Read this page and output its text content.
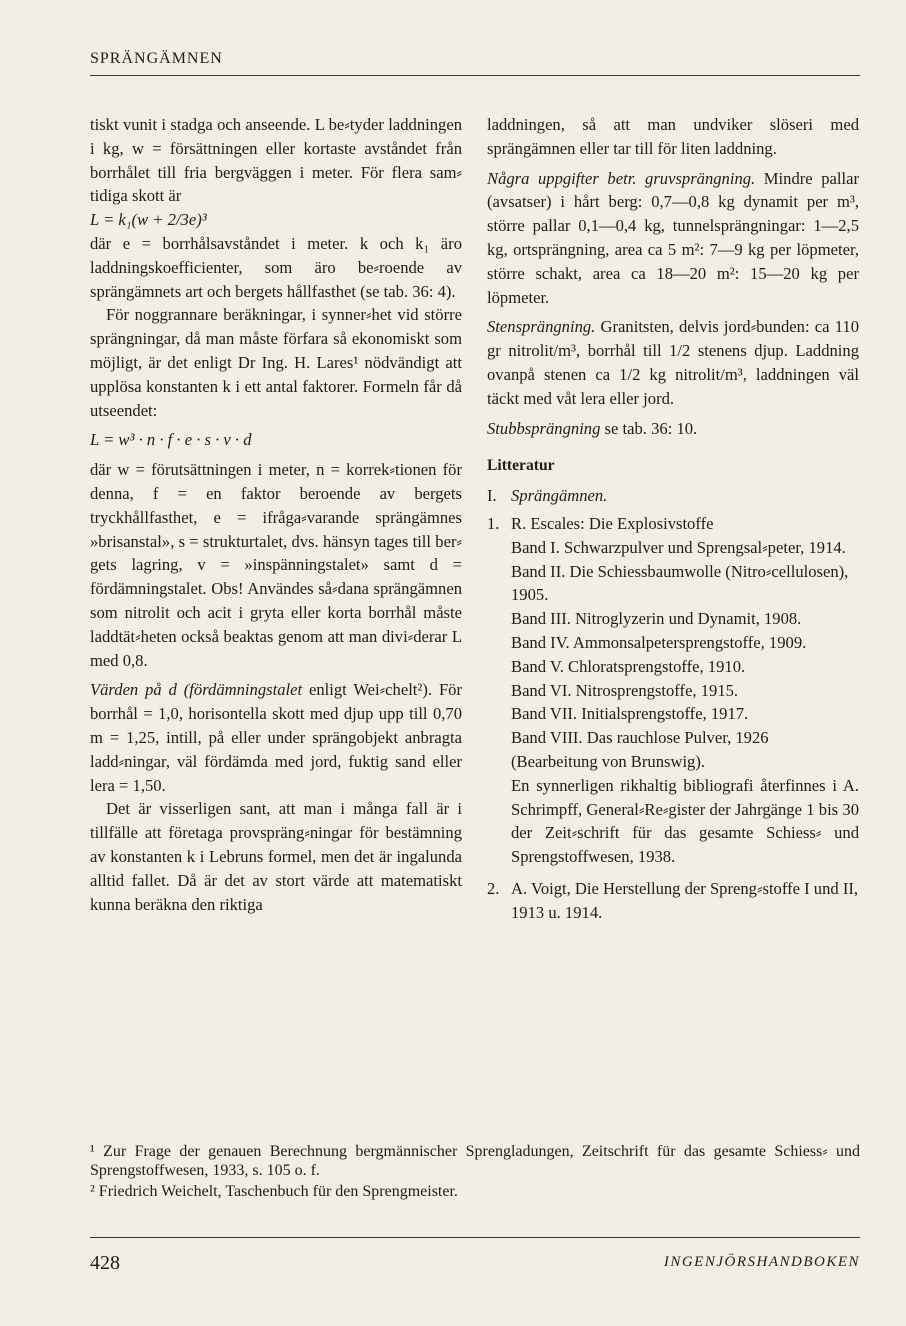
SPRÄNGÄMNEN

tiskt vunit i stadga och anseende. L be⸗tyder laddningen i kg, w = försättningen eller kortaste avståndet från borrhålet till fria bergväggen i meter. För flera sam⸗tidiga skott är

L = k₁(w + 2/3e)³

där e = borrhålsavståndet i meter. k och k₁ äro laddningskoefficienter, som äro be⸗roende av sprängämnets art och bergets hållfasthet (se tab. 36: 4).

För noggrannare beräkningar, i synner⸗het vid större sprängningar, då man måste förfara så ekonomiskt som möjligt, är det enligt Dr Ing. H. Lares¹ nödvändigt att upplösa konstanten k i ett antal faktorer. Formeln får då utseendet:

L = w³ · n · f · e · s · v · d

där w = förutsättningen i meter, n = korrek⸗tionen för denna, f = en faktor beroende av bergets tryckhållfasthet, e = ifråga⸗varande sprängämnes »brisanstal», s = strukturtalet, dvs. hänsyn tages till ber⸗gets lagring, v = »inspänningstalet» samt d = fördämningstalet. Obs! Användes så⸗dana sprängämnen som nitrolit och acit i gryta eller korta borrhål måste laddtät⸗heten också beaktas genom att man divi⸗derar L med 0,8.

Värden på d (fördämningstalet enligt Wei⸗chelt²). För borrhål = 1,0, horisontella skott med djup upp till 0,70 m = 1,25, intill, på eller under sprängobjekt anbragta ladd⸗ningar, väl fördämda med jord, fuktig sand eller lera = 1,50.

Det är visserligen sant, att man i många fall är i tillfälle att företaga provspräng⸗ningar för bestämning av konstanten k i Lebruns formel, men det är ingalunda alltid fallet. Då är det av stort värde att matematiskt kunna beräkna den riktiga

laddningen, så att man undviker slöseri med sprängämnen eller tar till för liten laddning.

Några uppgifter betr. gruvsprängning. Mindre pallar (avsatser) i hårt berg: 0,7—0,8 kg dynamit per m³, större pallar 0,1—0,4 kg, tunnelsprängningar: 1—2,5 kg, ortsprängning, area ca 5 m²: 7—9 kg per löpmeter, större schakt, area ca 18—20 m²: 15—20 kg per löpmeter.

Stensprängning. Granitsten, delvis jord⸗bunden: ca 110 gr nitrolit/m³, borrhål till 1/2 stenens djup. Laddning ovanpå stenen ca 1/2 kg nitrolit/m³, laddningen väl täckt med våt lera eller jord.

Stubbsprängning se tab. 36: 10.

Litteratur

I. Sprängämnen.
1. R. Escales: Die Explosivstoffe

Band I. Schwarzpulver und Sprengsal⸗peter, 1914.

Band II. Die Schiessbaumwolle (Nitro⸗cellulosen), 1905.

Band III. Nitroglyzerin und Dynamit, 1908.

Band IV. Ammonsalpetersprengstoffe, 1909.

Band V. Chloratsprengstoffe, 1910.

Band VI. Nitrosprengstoffe, 1915.

Band VII. Initialsprengstoffe, 1917.

Band VIII. Das rauchlose Pulver, 1926 (Bearbeitung von Brunswig).

En synnerligen rikhaltig bibliografi återfinnes i A. Schrimpff, General⸗Re⸗gister der Jahrgänge 1 bis 30 der Zeit⸗schrift für das gesamte Schiess⸗ und Sprengstoffwesen, 1938.

2. A. Voigt, Die Herstellung der Spreng⸗stoffe I und II, 1913 u. 1914.

¹ Zur Frage der genauen Berechnung bergmännischer Sprengladungen, Zeitschrift für das gesamte Schiess⸗ und Sprengstoffwesen, 1933, s. 105 o. f.

² Friedrich Weichelt, Taschenbuch für den Sprengmeister.

428	INGENJÖRSHANDBOKEN
